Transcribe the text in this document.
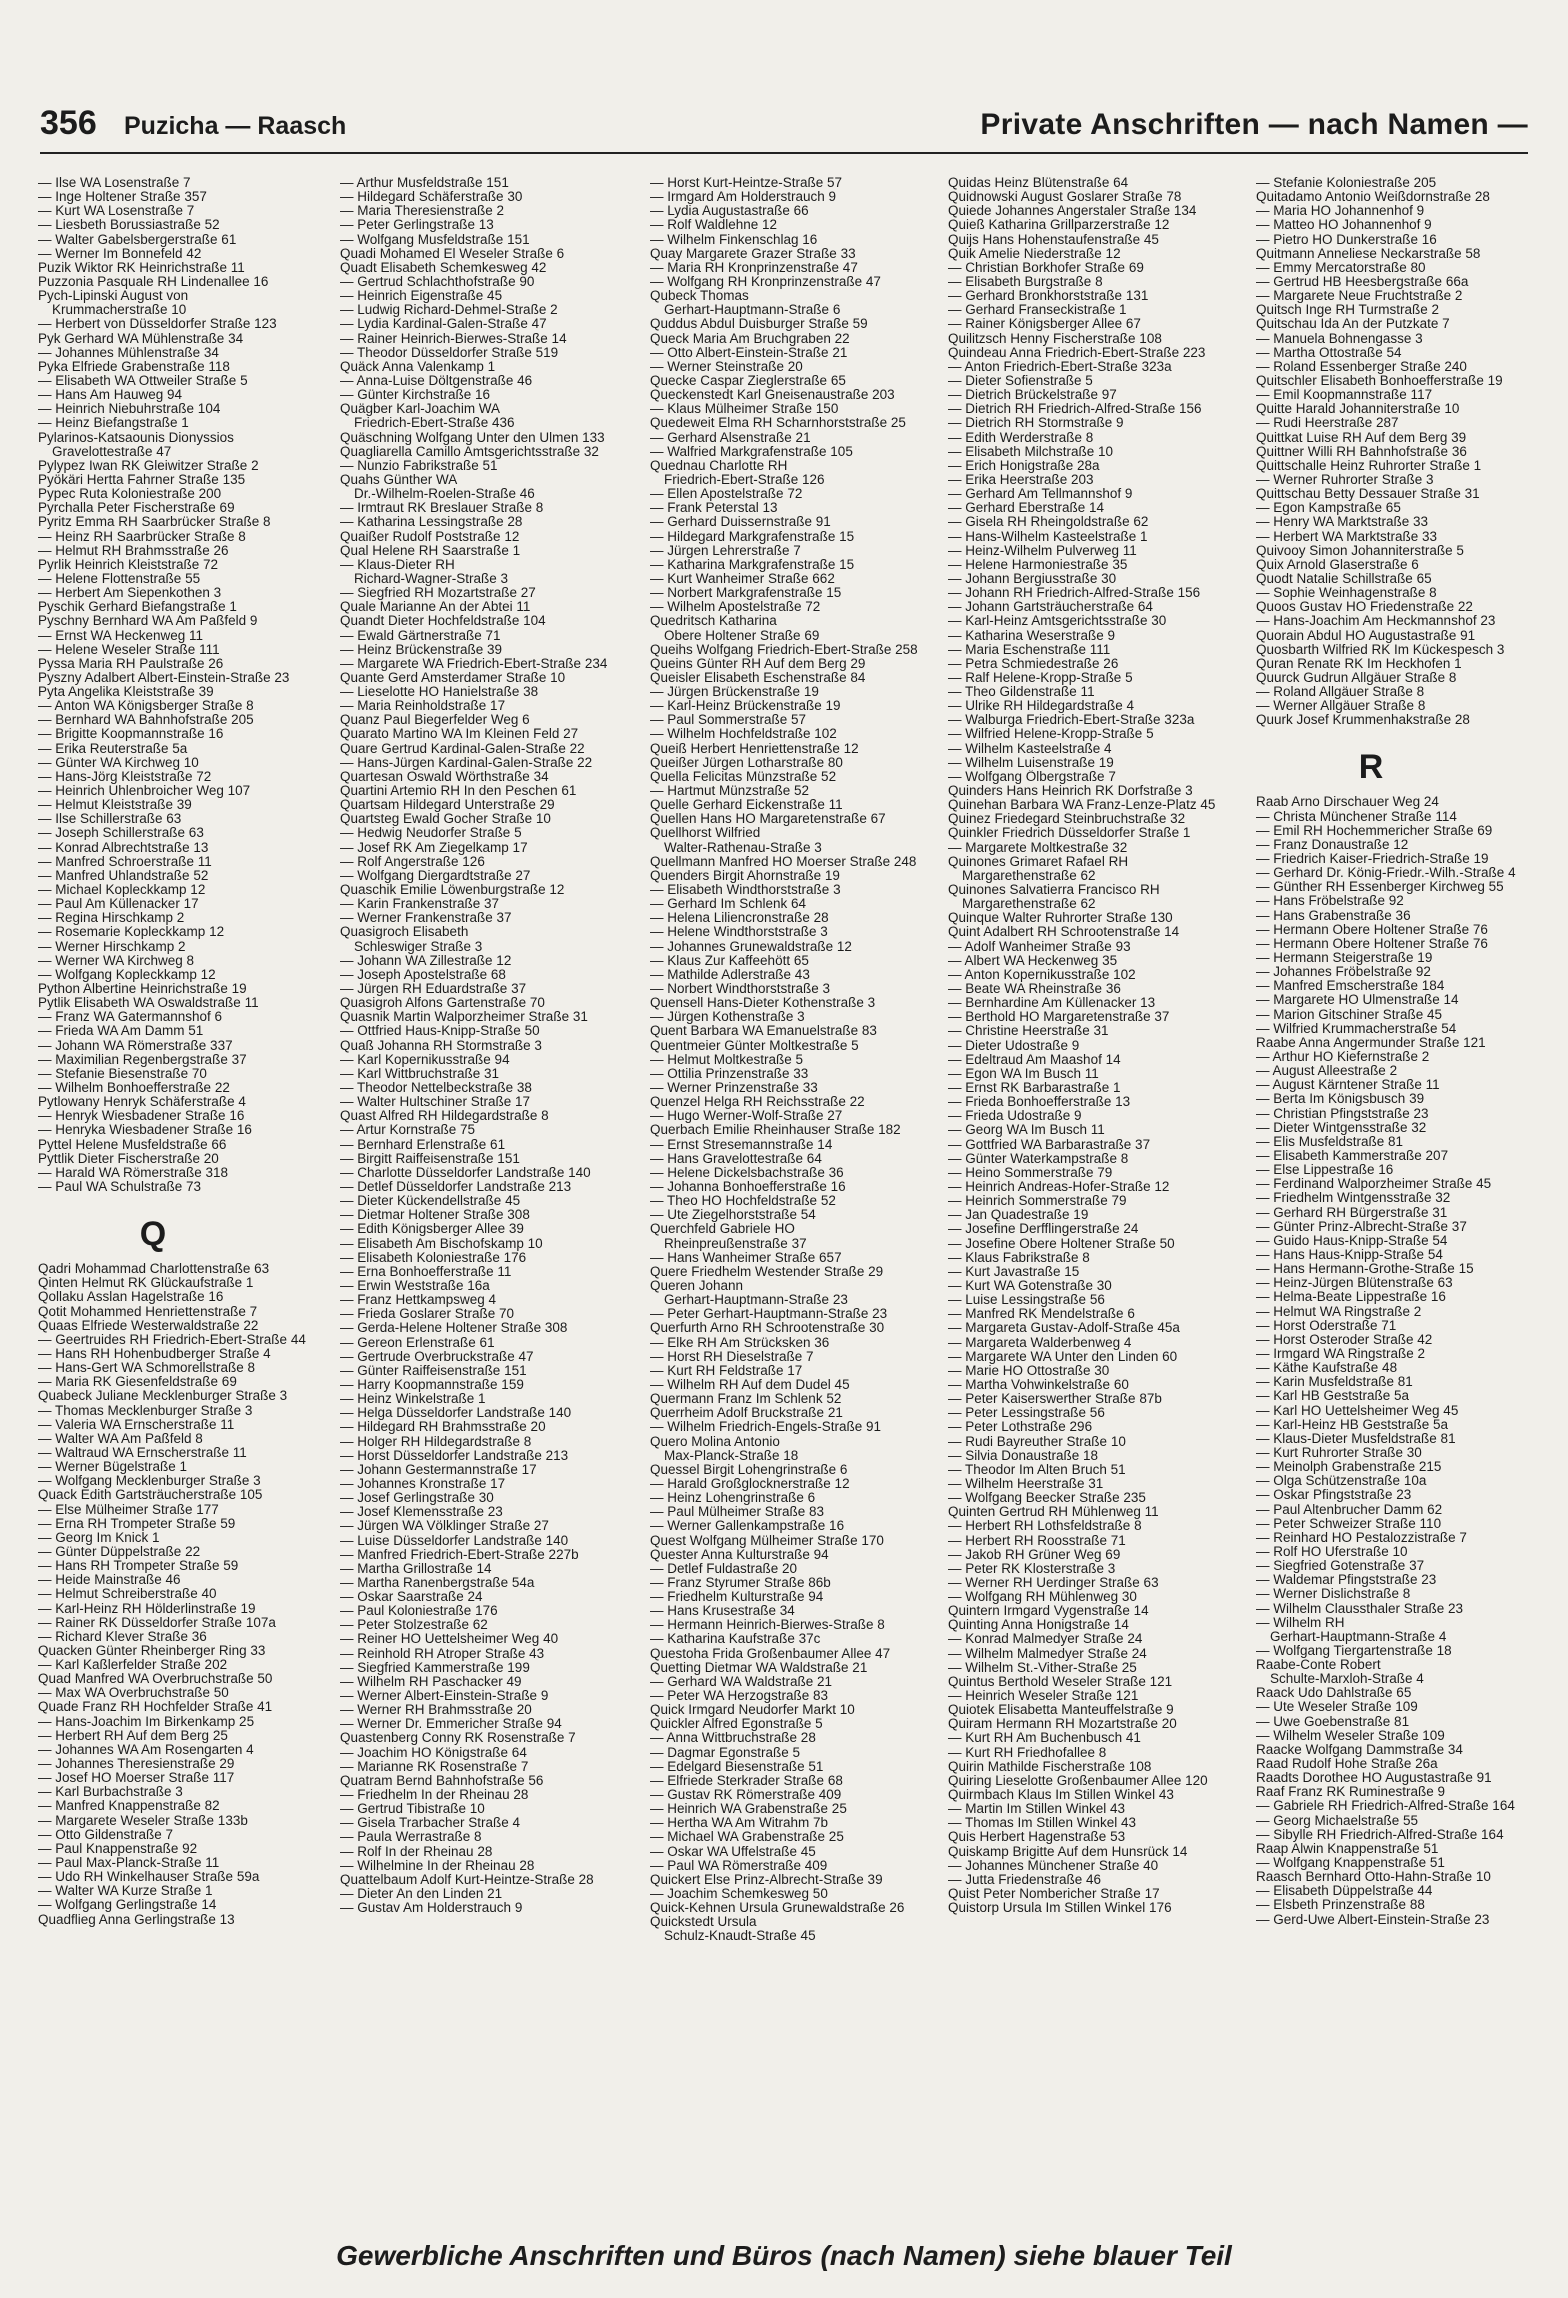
356 Puzicha — Raasch	Private Anschriften — nach Namen —
— Ilse WA Losenstraße 7
— Inge Holtener Straße 357
— Kurt WA Losenstraße 7
— Liesbeth Borussiastraße 52
— Walter Gabelsbergerstraße 61
— Werner Im Bonnefeld 42
Puzik Wiktor RK Heinrichstraße 11
Puzzonia Pasquale RH Lindenallee 16
Pych-Lipinski August von
Krummacherstraße 10
— Herbert von Düsseldorfer Straße 123
Pyk Gerhard WA Mühlenstraße 34
— Johannes Mühlenstraße 34
Pyka Elfriede Grabenstraße 118
— Elisabeth WA Ottweiler Straße 5
— Hans Am Hauweg 94
— Heinrich Niebuhrstraße 104
— Heinz Biefangstraße 1
Pylarinos-Katsaounis Dionyssios
Gravelottestraße 47
Pylypez Iwan RK Gleiwitzer Straße 2
Pyökäri Hertta Fahrner Straße 135
Pypec Ruta Koloniestraße 200
Pyrchalla Peter Fischerstraße 69
Pyritz Emma RH Saarbrücker Straße 8
— Heinz RH Saarbrücker Straße 8
— Helmut RH Brahmsstraße 26
Pyrlik Heinrich Kleiststraße 72
— Helene Flottenstraße 55
— Herbert Am Siepenkothen 3
Pyschik Gerhard Biefangstraße 1
Pyschny Bernhard WA Am Paßfeld 9
— Ernst WA Heckenweg 11
— Helene Weseler Straße 111
Pyssa Maria RH Paulstraße 26
Pyszny Adalbert Albert-Einstein-Straße 23
Pyta Angelika Kleiststraße 39
— Anton WA Königsberger Straße 8
— Bernhard WA Bahnhofstraße 205
— Brigitte Koopmannstraße 16
— Erika Reuterstraße 5a
— Günter WA Kirchweg 10
— Hans-Jörg Kleiststraße 72
— Heinrich Uhlenbroicher Weg 107
— Helmut Kleiststraße 39
— Ilse Schillerstraße 63
— Joseph Schillerstraße 63
— Konrad Albrechtstraße 13
— Manfred Schroerstraße 11
— Manfred Uhlandstraße 52
— Michael Kopleckkamp 12
— Paul Am Küllenacker 17
— Regina Hirschkamp 2
— Rosemarie Kopleckkamp 12
— Werner Hirschkamp 2
— Werner WA Kirchweg 8
— Wolfgang Kopleckkamp 12
Python Albertine Heinrichstraße 19
Pytlik Elisabeth WA Oswaldstraße 11
— Franz WA Gatermannshof 6
— Frieda WA Am Damm 51
— Johann WA Römerstraße 337
— Maximilian Regenbergstraße 37
— Stefanie Biesenstraße 70
— Wilhelm Bonhoefferstraße 22
Pytlowany Henryk Schäferstraße 4
— Henryk Wiesbadener Straße 16
— Henryka Wiesbadener Straße 16
Pyttel Helene Musfeldstraße 66
Pyttlik Dieter Fischerstraße 20
— Harald WA Römerstraße 318
— Paul WA Schulstraße 73
Q
Qadri Mohammad Charlottenstraße 63
Qinten Helmut RK Glückaufstraße 1
Qollaku Asslan Hagelstraße 16
Qotit Mohammed Henriettenstraße 7
Quaas Elfriede Westerwaldstraße 22
— Geertruides RH Friedrich-Ebert-Straße 44
— Hans RH Hohenbudberger Straße 4
— Hans-Gert WA Schmorellstraße 8
— Maria RK Giesenfeldstraße 69
Quabeck Juliane Mecklenburger Straße 3
— Thomas Mecklenburger Straße 3
— Valeria WA Ernscherstraße 11
— Walter WA Am Paßfeld 8
— Waltraud WA Ernscherstraße 11
— Werner Bügelstraße 1
— Wolfgang Mecklenburger Straße 3
Quack Edith Gartsträucherstraße 105
— Else Mülheimer Straße 177
— Erna RH Trompeter Straße 59
— Georg Im Knick 1
— Günter Düppelstraße 22
— Hans RH Trompeter Straße 59
— Heide Mainstraße 46
— Helmut Schreiberstraße 40
— Karl-Heinz RH Hölderlinstraße 19
— Rainer RK Düsseldorfer Straße 107a
— Richard Klever Straße 36
Quacken Günter Rheinberger Ring 33
— Karl Kaßlerfelder Straße 202
Quad Manfred WA Overbruchstraße 50
— Max WA Overbruchstraße 50
Quade Franz RH Hochfelder Straße 41
— Hans-Joachim Im Birkenkamp 25
— Herbert RH Auf dem Berg 25
— Johannes WA Am Rosengarten 4
— Johannes Theresienstraße 29
— Josef HO Moerser Straße 117
— Karl Burbachstraße 3
— Manfred Knappenstraße 82
— Margarete Weseler Straße 133b
— Otto Gildenstraße 7
— Paul Knappenstraße 92
— Paul Max-Planck-Straße 11
— Udo RH Winkelhauser Straße 59a
— Walter WA Kurze Straße 1
— Wolfgang Gerlingstraße 14
Quadflieg Anna Gerlingstraße 13
— Arthur Musfeldstraße 151
— Hildegard Schäferstraße 30
— Maria Theresienstraße 2
— Peter Gerlingstraße 13
— Wolfgang Musfeldstraße 151
Quadi Mohamed El Weseler Straße 6
Quadt Elisabeth Schemkesweg 42
— Gertrud Schlachthofstraße 90
— Heinrich Eigenstraße 45
— Ludwig Richard-Dehmel-Straße 2
— Lydia Kardinal-Galen-Straße 47
— Rainer Heinrich-Bierwes-Straße 14
— Theodor Düsseldorfer Straße 519
Quäck Anna Valenkamp 1
— Anna-Luise Döltgenstraße 46
— Günter Kirchstraße 16
Quägber Karl-Joachim WA
Friedrich-Ebert-Straße 436
Quäschning Wolfgang Unter den Ulmen 133
Quagliarella Camillo Amtsgerichtsstraße 32
— Nunzio Fabrikstraße 51
Quahs Günther WA
Dr.-Wilhelm-Roelen-Straße 46
— Irmtraut RK Breslauer Straße 8
— Katharina Lessingstraße 28
Quaißer Rudolf Poststraße 12
Qual Helene RH Saarstraße 1
— Klaus-Dieter RH
Richard-Wagner-Straße 3
— Siegfried RH Mozartstraße 27
Quale Marianne An der Abtei 11
Quandt Dieter Hochfeldstraße 104
— Ewald Gärtnerstraße 71
— Heinz Brückenstraße 39
— Margarete WA Friedrich-Ebert-Straße 234
Quante Gerd Amsterdamer Straße 10
— Lieselotte HO Hanielstraße 38
— Maria Reinholdstraße 17
Quanz Paul Biegerfelder Weg 6
Quarato Martino WA Im Kleinen Feld 27
Quare Gertrud Kardinal-Galen-Straße 22
— Hans-Jürgen Kardinal-Galen-Straße 22
Quartesan Oswald Wörthstraße 34
Quartini Artemio RH In den Peschen 61
Quartsam Hildegard Unterstraße 29
Quartsteg Ewald Gocher Straße 10
— Hedwig Neudorfer Straße 5
— Josef RK Am Ziegelkamp 17
— Rolf Angerstraße 126
— Wolfgang Diergardtstraße 27
Quaschik Emilie Löwenburgstraße 12
— Karin Frankenstraße 37
— Werner Frankenstraße 37
Quasigroch Elisabeth
Schleswiger Straße 3
— Johann WA Zillestraße 12
— Joseph Apostelstraße 68
— Jürgen RH Eduardstraße 37
Quasigroh Alfons Gartenstraße 70
Quasnik Martin Walporzheimer Straße 31
— Ottfried Haus-Knipp-Straße 50
Quaß Johanna RH Stormstraße 3
— Karl Kopernikusstraße 94
— Karl Wittbruchstraße 31
— Theodor Nettelbeckstraße 38
— Walter Hultschiner Straße 17
Quast Alfred RH Hildegardstraße 8
— Artur Kornstraße 75
— Bernhard Erlenstraße 61
— Birgitt Raiffeisenstraße 151
— Charlotte Düsseldorfer Landstraße 140
— Detlef Düsseldorfer Landstraße 213
— Dieter Kückendellstraße 45
— Dietmar Holtener Straße 308
— Edith Königsberger Allee 39
— Elisabeth Am Bischofskamp 10
— Elisabeth Koloniestraße 176
— Erna Bonhoefferstraße 11
— Erwin Weststraße 16a
— Franz Hettkampsweg 4
— Frieda Goslarer Straße 70
— Gerda-Helene Holtener Straße 308
— Gereon Erlenstraße 61
— Gertrude Overbruckstraße 47
— Günter Raiffeisenstraße 151
— Harry Koopmannstraße 159
— Heinz Winkelstraße 1
— Helga Düsseldorfer Landstraße 140
— Hildegard RH Brahmsstraße 20
— Holger RH Hildegardstraße 8
— Horst Düsseldorfer Landstraße 213
— Johann Gestermannstraße 17
— Johannes Kronstraße 17
— Josef Gerlingstraße 30
— Josef Klemensstraße 23
— Jürgen WA Völklinger Straße 27
— Luise Düsseldorfer Landstraße 140
— Manfred Friedrich-Ebert-Straße 227b
— Martha Grillostraße 14
— Martha Ranenbergstraße 54a
— Oskar Saarstraße 24
— Paul Koloniestraße 176
— Peter Stolzestraße 62
— Reiner HO Uettelsheimer Weg 40
— Reinhold RH Atroper Straße 43
— Siegfried Kammerstraße 199
— Wilhelm RH Paschacker 49
— Werner Albert-Einstein-Straße 9
— Werner RH Brahmsstraße 20
— Werner Dr. Emmericher Straße 94
Quastenberg Conny RK Rosenstraße 7
— Joachim HO Königstraße 64
— Marianne RK Rosenstraße 7
Quatram Bernd Bahnhofstraße 56
— Friedhelm In der Rheinau 28
— Gertrud Tibistraße 10
— Gisela Trarbacher Straße 4
— Paula Werrastraße 8
— Rolf In der Rheinau 28
— Wilhelmine In der Rheinau 28
Quattelbaum Adolf Kurt-Heintze-Straße 28
— Dieter An den Linden 21
— Gustav Am Holderstrauch 9
— Horst Kurt-Heintze-Straße 57
— Irmgard Am Holderstrauch 9
— Lydia Augustastraße 66
— Rolf Waldlehne 12
— Wilhelm Finkenschlag 16
Quay Margarete Grazer Straße 33
— Maria RH Kronprinzenstraße 47
— Wolfgang RH Kronprinzenstraße 47
Qubeck Thomas
Gerhart-Hauptmann-Straße 6
Quddus Abdul Duisburger Straße 59
Queck Maria Am Bruchgraben 22
— Otto Albert-Einstein-Straße 21
— Werner Steinstraße 20
Quecke Caspar Zieglerstraße 65
Queckenstedt Karl Gneisenaustraße 203
— Klaus Mülheimer Straße 150
Quedeweit Elma RH Scharnhorststraße 25
— Gerhard Alsenstraße 21
— Walfried Markgrafenstraße 105
Quednau Charlotte RH
Friedrich-Ebert-Straße 126
— Ellen Apostelstraße 72
— Frank Peterstal 13
— Gerhard Duissernstraße 91
— Hildegard Markgrafenstraße 15
— Jürgen Lehrerstraße 7
— Katharina Markgrafenstraße 15
— Kurt Wanheimer Straße 662
— Norbert Markgrafenstraße 15
— Wilhelm Apostelstraße 72
Quedritsch Katharina
Obere Holtener Straße 69
Queihs Wolfgang Friedrich-Ebert-Straße 258
Queins Günter RH Auf dem Berg 29
Queisler Elisabeth Eschenstraße 84
— Jürgen Brückenstraße 19
— Karl-Heinz Brückenstraße 19
— Paul Sommerstraße 57
— Wilhelm Hochfeldstraße 102
Queiß Herbert Henriettenstraße 12
Queißer Jürgen Lotharstraße 80
Quella Felicitas Münzstraße 52
— Hartmut Münzstraße 52
Quelle Gerhard Eickenstraße 11
Quellen Hans HO Margaretenstraße 67
Quellhorst Wilfried
Walter-Rathenau-Straße 3
Quellmann Manfred HO Moerser Straße 248
Quenders Birgit Ahornstraße 19
— Elisabeth Windthorststraße 3
— Gerhard Im Schlenk 64
— Helena Liliencronstraße 28
— Helene Windthorststraße 3
— Johannes Grunewaldstraße 12
— Klaus Zur Kaffeehött 65
— Mathilde Adlerstraße 43
— Norbert Windthorststraße 3
Quensell Hans-Dieter Kothenstraße 3
— Jürgen Kothenstraße 3
Quent Barbara WA Emanuelstraße 83
Quentmeier Günter Moltkestraße 5
— Helmut Moltkestraße 5
— Ottilia Prinzenstraße 33
— Werner Prinzenstraße 33
Quenzel Helga RH Reichsstraße 22
— Hugo Werner-Wolf-Straße 27
Querbach Emilie Rheinhauser Straße 182
— Ernst Stresemannstraße 14
— Hans Gravelottestraße 64
— Helene Dickelsbachstraße 36
— Johanna Bonhoefferstraße 16
— Theo HO Hochfeldstraße 52
— Ute Ziegelhorststraße 54
Querchfeld Gabriele HO
Rheinpreußenstraße 37
— Hans Wanheimer Straße 657
Quere Friedhelm Westender Straße 29
Queren Johann
Gerhart-Hauptmann-Straße 23
— Peter Gerhart-Hauptmann-Straße 23
Querfurth Arno RH Schrootenstraße 30
— Elke RH Am Strücksken 36
— Horst RH Dieselstraße 7
— Kurt RH Feldstraße 17
— Wilhelm RH Auf dem Dudel 45
Quermann Franz Im Schlenk 52
Querrheim Adolf Bruckstraße 21
— Wilhelm Friedrich-Engels-Straße 91
Quero Molina Antonio
Max-Planck-Straße 18
Quessel Birgit Lohengrinstraße 6
— Harald Großglocknerstraße 12
— Heinz Lohengrinstraße 6
— Paul Mülheimer Straße 83
— Werner Gallenkampstraße 16
Quest Wolfgang Mülheimer Straße 170
Quester Anna Kulturstraße 94
— Detlef Fuldastraße 20
— Franz Styrumer Straße 86b
— Friedhelm Kulturstraße 94
— Hans Krusestraße 34
— Hermann Heinrich-Bierwes-Straße 8
— Katharina Kaufstraße 37c
Questoha Frida Großenbaumer Allee 47
Quetting Dietmar WA Waldstraße 21
— Gerhard WA Waldstraße 21
— Peter WA Herzogstraße 83
Quick Irmgard Neudorfer Markt 10
Quickler Alfred Egonstraße 5
— Anna Wittbruchstraße 28
— Dagmar Egonstraße 5
— Edelgard Biesenstraße 51
— Elfriede Sterkrader Straße 68
— Gustav RK Römerstraße 409
— Heinrich WA Grabenstraße 25
— Hertha WA Am Witrahm 7b
— Michael WA Grabenstraße 25
— Oskar WA Uffelstraße 45
— Paul WA Römerstraße 409
Quickert Else Prinz-Albrecht-Straße 39
— Joachim Schemkesweg 50
Quick-Kehnen Ursula Grunewaldstraße 26
Quickstedt Ursula
Schulz-Knaudt-Straße 45
Quidas Heinz Blütenstraße 64
Quidnowski August Goslarer Straße 78
Quiede Johannes Angerstaler Straße 134
Quieß Katharina Grillparzerstraße 12
Quijs Hans Hohenstaufenstraße 45
Quik Amelie Niederstraße 12
— Christian Borkhofer Straße 69
— Elisabeth Burgstraße 8
— Gerhard Bronkhorststraße 131
— Gerhard Franseckistraße 1
— Rainer Königsberger Allee 67
Quilitzsch Henny Fischerstraße 108
Quindeau Anna Friedrich-Ebert-Straße 223
— Anton Friedrich-Ebert-Straße 323a
— Dieter Sofienstraße 5
— Dietrich Brückelstraße 97
— Dietrich RH Friedrich-Alfred-Straße 156
— Dietrich RH Stormstraße 9
— Edith Werderstraße 8
— Elisabeth Milchstraße 10
— Erich Honigstraße 28a
— Erika Heerstraße 203
— Gerhard Am Tellmannshof 9
— Gerhard Eberstraße 14
— Gisela RH Rheingoldstraße 62
— Hans-Wilhelm Kasteelstraße 1
— Heinz-Wilhelm Pulverweg 11
— Helene Harmoniestraße 35
— Johann Bergiusstraße 30
— Johann RH Friedrich-Alfred-Straße 156
— Johann Gartsträucherstraße 64
— Karl-Heinz Amtsgerichtsstraße 30
— Katharina Weserstraße 9
— Maria Eschenstraße 111
— Petra Schmiedestraße 26
— Ralf Helene-Kropp-Straße 5
— Theo Gildenstraße 11
— Ulrike RH Hildegardstraße 4
— Walburga Friedrich-Ebert-Straße 323a
— Wilfried Helene-Kropp-Straße 5
— Wilhelm Kasteelstraße 4
— Wilhelm Luisenstraße 19
— Wolfgang Ölbergstraße 7
Quinders Hans Heinrich RK Dorfstraße 3
Quinehan Barbara WA Franz-Lenze-Platz 45
Quinez Friedegard Steinbruchstraße 32
Quinkler Friedrich Düsseldorfer Straße 1
— Margarete Moltkestraße 32
Quinones Grimaret Rafael RH
Margarethenstraße 62
Quinones Salvatierra Francisco RH
Margarethenstraße 62
Quinque Walter Ruhrorter Straße 130
Quint Adalbert RH Schrootenstraße 14
— Adolf Wanheimer Straße 93
— Albert WA Heckenweg 35
— Anton Kopernikusstraße 102
— Beate WA Rheinstraße 36
— Bernhardine Am Küllenacker 13
— Berthold HO Margaretenstraße 37
— Christine Heerstraße 31
— Dieter Udostraße 9
— Edeltraud Am Maashof 14
— Egon WA Im Busch 11
— Ernst RK Barbarastraße 1
— Frieda Bonhoefferstraße 13
— Frieda Udostraße 9
— Georg WA Im Busch 11
— Gottfried WA Barbarastraße 37
— Günter Waterkampstraße 8
— Heino Sommerstraße 79
— Heinrich Andreas-Hofer-Straße 12
— Heinrich Sommerstraße 79
— Jan Quadestraße 19
— Josefine Derfflingerstraße 24
— Josefine Obere Holtener Straße 50
— Klaus Fabrikstraße 8
— Kurt Javastraße 15
— Kurt WA Gotenstraße 30
— Luise Lessingstraße 56
— Manfred RK Mendelstraße 6
— Margareta Gustav-Adolf-Straße 45a
— Margareta Walderbenweg 4
— Margarete WA Unter den Linden 60
— Marie HO Ottostraße 30
— Martha Vohwinkelstraße 60
— Peter Kaiserswerther Straße 87b
— Peter Lessingstraße 56
— Peter Lothstraße 296
— Rudi Bayreuther Straße 10
— Silvia Donaustraße 18
— Theodor Im Alten Bruch 51
— Wilhelm Heerstraße 31
— Wolfgang Beecker Straße 235
Quinten Gertrud RH Mühlenweg 11
— Herbert RH Lothsfeldstraße 8
— Herbert RH Roosstraße 71
— Jakob RH Grüner Weg 69
— Peter RK Klosterstraße 3
— Werner RH Uerdinger Straße 63
— Wolfgang RH Mühlenweg 30
Quintern Irmgard Vygenstraße 14
Quinting Anna Honigstraße 14
— Konrad Malmedyer Straße 24
— Wilhelm Malmedyer Straße 24
— Wilhelm St.-Vither-Straße 25
Quintus Berthold Weseler Straße 121
— Heinrich Weseler Straße 121
Quiotek Elisabetta Manteuffelstraße 9
Quiram Hermann RH Mozartstraße 20
— Kurt RH Am Buchenbusch 41
— Kurt RH Friedhofallee 8
Quirin Mathilde Fischerstraße 108
Quiring Lieselotte Großenbaumer Allee 120
Quirmbach Klaus Im Stillen Winkel 43
— Martin Im Stillen Winkel 43
— Thomas Im Stillen Winkel 43
Quis Herbert Hagenstraße 53
Quiskamp Brigitte Auf dem Hunsrück 14
— Johannes Münchener Straße 40
— Jutta Friedenstraße 46
Quist Peter Nombericher Straße 17
Quistorp Ursula Im Stillen Winkel 176
— Stefanie Koloniestraße 205
Quitadamo Antonio Weißdornstraße 28
— Maria HO Johannenhof 9
— Matteo HO Johannenhof 9
— Pietro HO Dunkerstraße 16
Quitmann Anneliese Neckarstraße 58
— Emmy Mercatorstraße 80
— Gertrud HB Heesbergstraße 66a
— Margarete Neue Fruchtstraße 2
Quitsch Inge RH Turmstraße 2
Quitschau Ida An der Putzkate 7
— Manuela Bohnengasse 3
— Martha Ottostraße 54
— Roland Essenberger Straße 240
Quitschler Elisabeth Bonhoefferstraße 19
— Emil Koopmannstraße 117
Quitte Harald Johanniterstraße 10
— Rudi Heerstraße 287
Quittkat Luise RH Auf dem Berg 39
Quittner Willi RH Bahnhofstraße 36
Quittschalle Heinz Ruhrorter Straße 1
— Werner Ruhrorter Straße 3
Quittschau Betty Dessauer Straße 31
— Egon Kampstraße 65
— Henry WA Marktstraße 33
— Herbert WA Marktstraße 33
Quivooy Simon Johanniterstraße 5
Quix Arnold Glaserstraße 6
Quodt Natalie Schillstraße 65
— Sophie Weinhagenstraße 8
Quoos Gustav HO Friedenstraße 22
— Hans-Joachim Am Heckmannshof 23
Quorain Abdul HO Augustastraße 91
Quosbarth Wilfried RK Im Kückespesch 3
Quran Renate RK Im Heckhofen 1
Quurck Gudrun Allgäuer Straße 8
— Roland Allgäuer Straße 8
— Werner Allgäuer Straße 8
Quurk Josef Krummenhakstraße 28
R
Raab Arno Dirschauer Weg 24
— Christa Münchener Straße 114
— Emil RH Hochemmericher Straße 69
— Franz Donaustraße 12
— Friedrich Kaiser-Friedrich-Straße 19
— Gerhard Dr. König-Friedr.-Wilh.-Straße 4
— Günther RH Essenberger Kirchweg 55
— Hans Fröbelstraße 92
— Hans Grabenstraße 36
— Hermann Obere Holtener Straße 76
— Hermann Obere Holtener Straße 76
— Hermann Steigerstraße 19
— Johannes Fröbelstraße 92
— Manfred Emscherstraße 184
— Margarete HO Ulmenstraße 14
— Marion Gitschiner Straße 45
— Wilfried Krummacherstraße 54
Raabe Anna Angermunder Straße 121
— Arthur HO Kiefernstraße 2
— August Alleestraße 2
— August Kärntener Straße 11
— Berta Im Königsbusch 39
— Christian Pfingststraße 23
— Dieter Wintgensstraße 32
— Elis Musfeldstraße 81
— Elisabeth Kammerstraße 207
— Else Lippestraße 16
— Ferdinand Walporzheimer Straße 45
— Friedhelm Wintgensstraße 32
— Gerhard RH Bürgerstraße 31
— Günter Prinz-Albrecht-Straße 37
— Guido Haus-Knipp-Straße 54
— Hans Haus-Knipp-Straße 54
— Hans Hermann-Grothe-Straße 15
— Heinz-Jürgen Blütenstraße 63
— Helma-Beate Lippestraße 16
— Helmut WA Ringstraße 2
— Horst Oderstraße 71
— Horst Osteroder Straße 42
— Irmgard WA Ringstraße 2
— Käthe Kaufstraße 48
— Karin Musfeldstraße 81
— Karl HB Geststraße 5a
— Karl HO Uettelsheimer Weg 45
— Karl-Heinz HB Geststraße 5a
— Klaus-Dieter Musfeldstraße 81
— Kurt Ruhrorter Straße 30
— Meinolph Grabenstraße 215
— Olga Schützenstraße 10a
— Oskar Pfingststraße 23
— Paul Altenbrucher Damm 62
— Peter Schweizer Straße 110
— Reinhard HO Pestalozzistraße 7
— Rolf HO Uferstraße 10
— Siegfried Gotenstraße 37
— Waldemar Pfingststraße 23
— Werner Dislichstraße 8
— Wilhelm Claussthaler Straße 23
— Wilhelm RH
Gerhart-Hauptmann-Straße 4
— Wolfgang Tiergartenstraße 18
Raabe-Conte Robert
Schulte-Marxloh-Straße 4
Raack Udo Dahlstraße 65
— Ute Weseler Straße 109
— Uwe Goebenstraße 81
— Wilhelm Weseler Straße 109
Raacke Wolfgang Dammstraße 34
Raad Rudolf Hohe Straße 26a
Raadts Dorothee HO Augustastraße 91
Raaf Franz RK Ruminestraße 9
— Gabriele RH Friedrich-Alfred-Straße 164
— Georg Michaelstraße 55
— Sibylle RH Friedrich-Alfred-Straße 164
Raap Alwin Knappenstraße 51
— Wolfgang Knappenstraße 51
Raasch Bernhard Otto-Hahn-Straße 10
— Elisabeth Düppelstraße 44
— Elsbeth Prinzenstraße 88
— Gerd-Uwe Albert-Einstein-Straße 23
Gewerbliche Anschriften und Büros (nach Namen) siehe blauer Teil
